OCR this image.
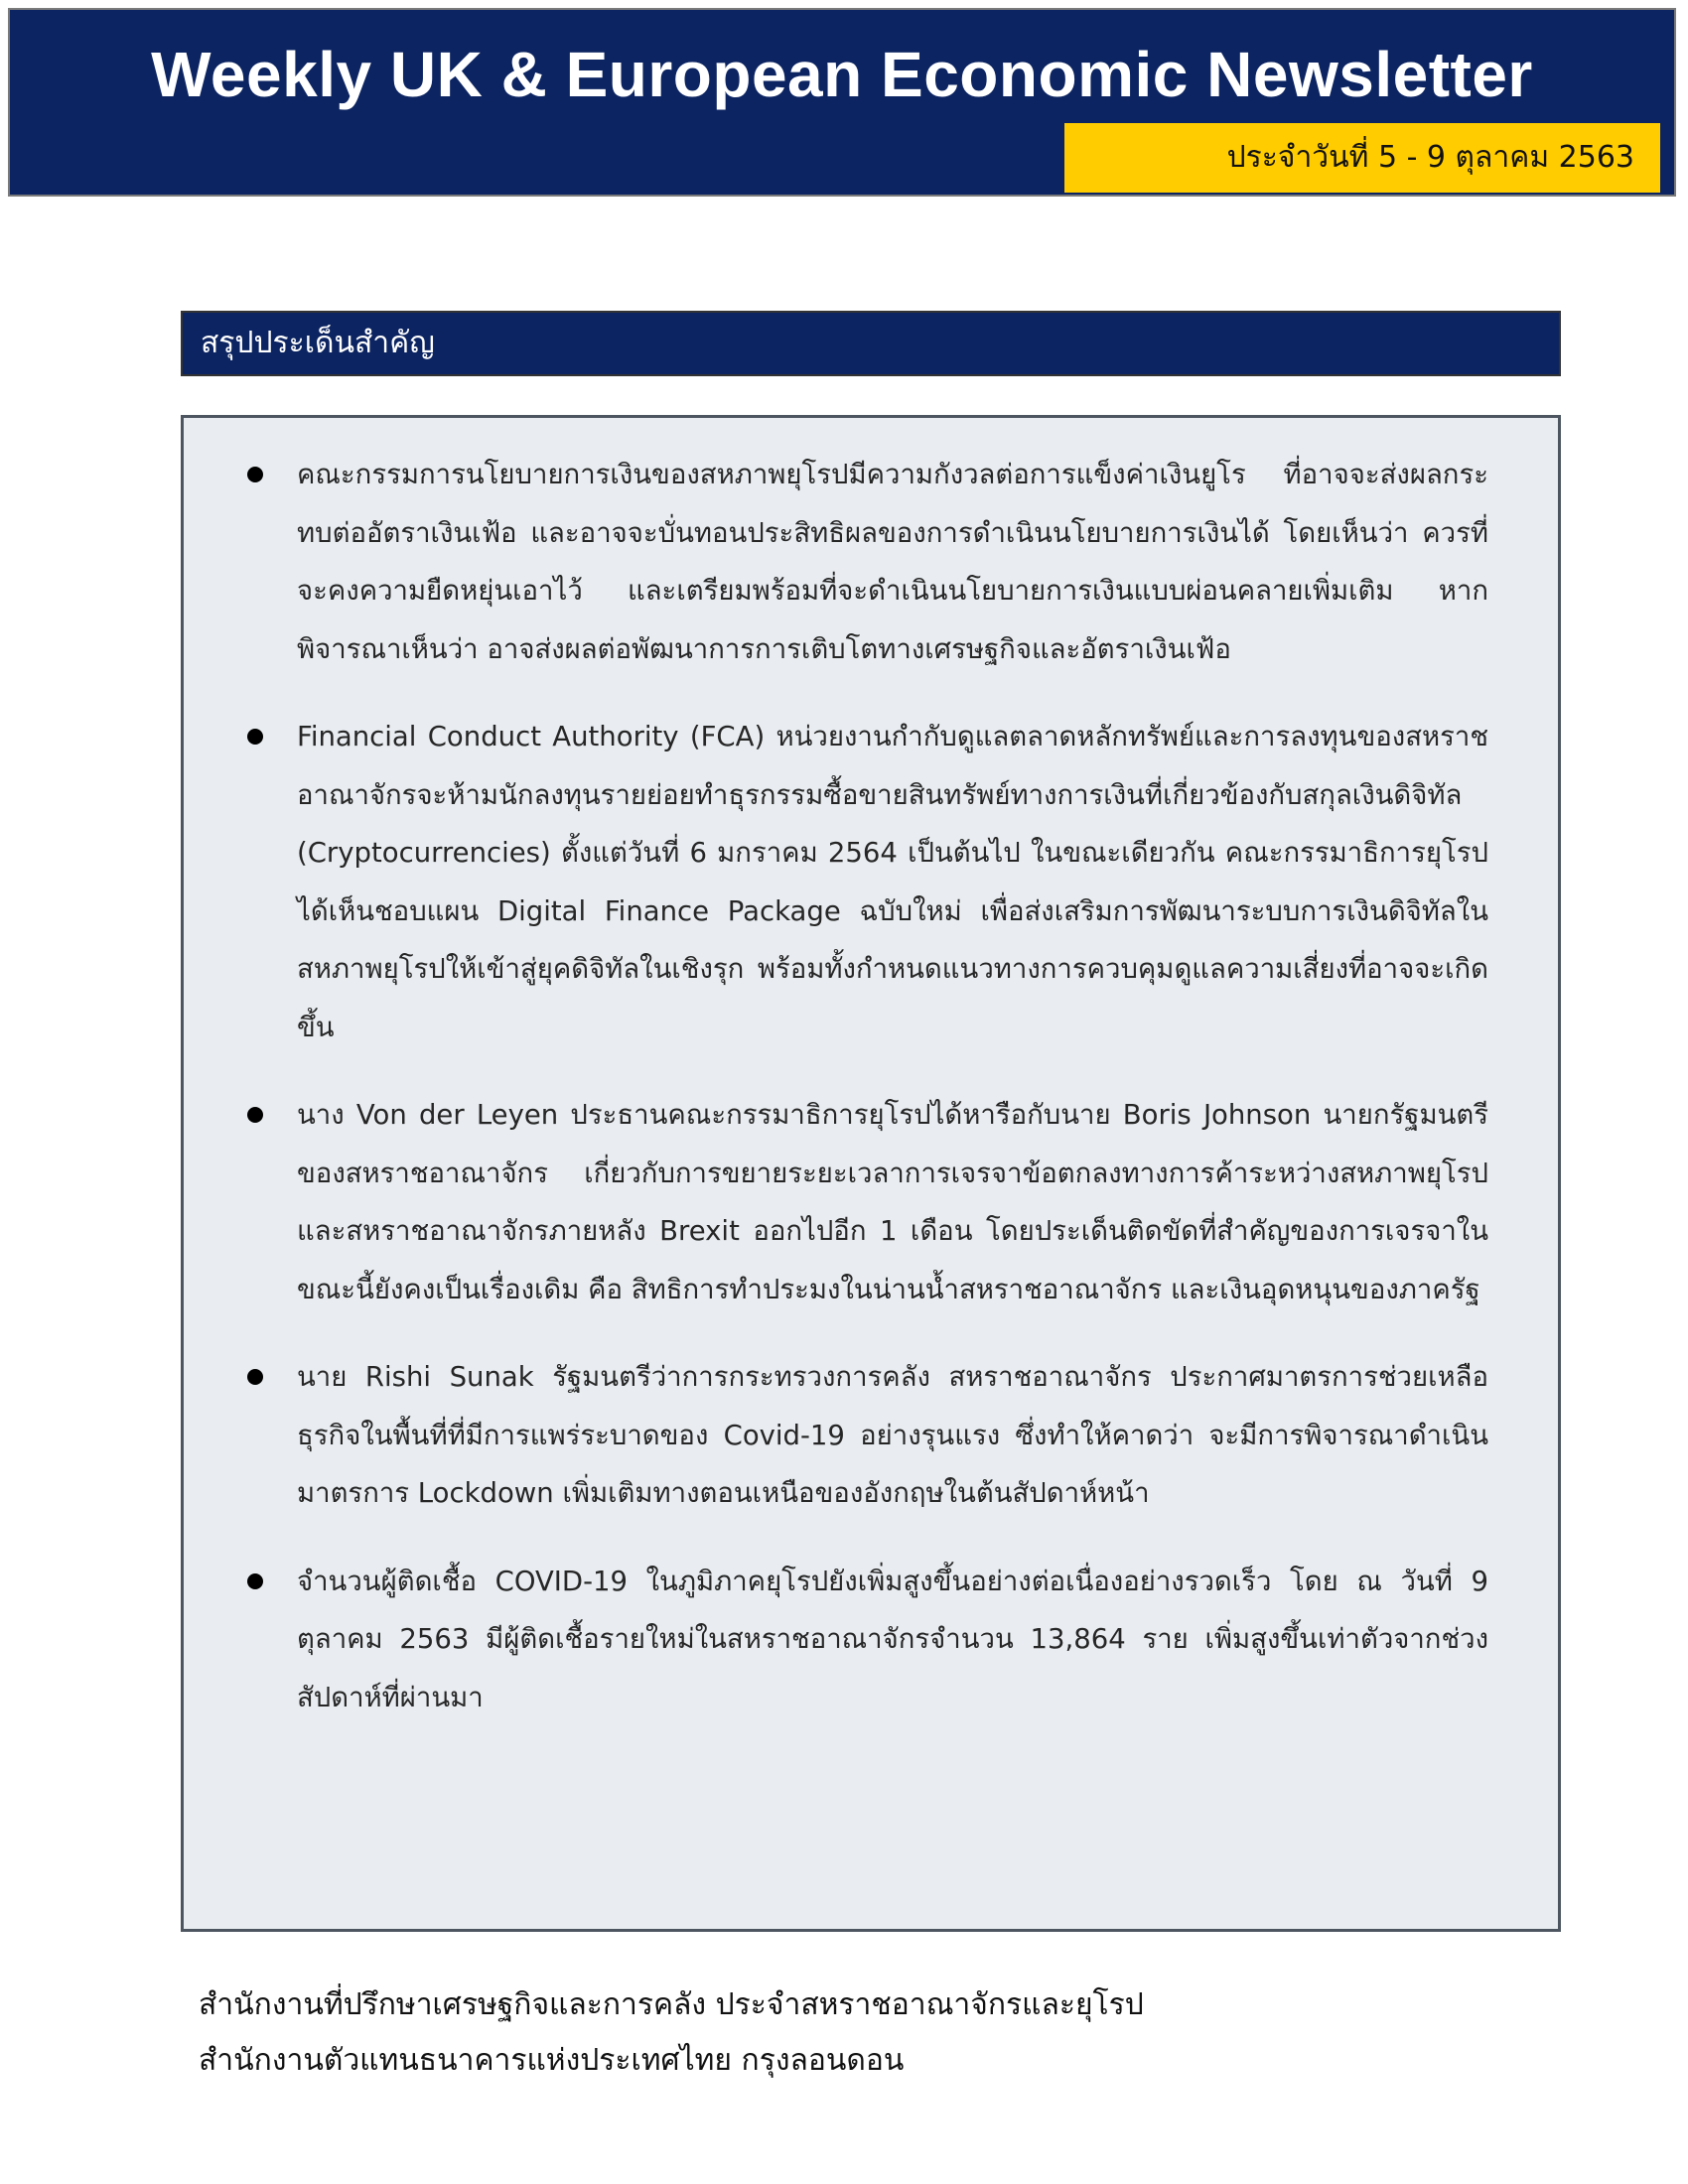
Weekly UK & European Economic Newsletter
ประจำวันที่ 5 - 9 ตุลาคม 2563
สรุปประเด็นสำคัญ
คณะกรรมการนโยบายการเงินของสหภาพยุโรปมีความกังวลต่อการแข็งค่าเงินยูโร ที่อาจจะส่งผลกระทบต่ออัตราเงินเฟ้อ และอาจจะบั่นทอนประสิทธิผลของการดำเนินนโยบายการเงินได้ โดยเห็นว่า ควรที่จะคงความยืดหยุ่นเอาไว้ และเตรียมพร้อมที่จะดำเนินนโยบายการเงินแบบผ่อนคลายเพิ่มเติม หากพิจารณาเห็นว่า อาจส่งผลต่อพัฒนาการการเติบโตทางเศรษฐกิจและอัตราเงินเฟ้อ
Financial Conduct Authority (FCA) หน่วยงานกำกับดูแลตลาดหลักทรัพย์และการลงทุนของสหราชอาณาจักรจะห้ามนักลงทุนรายย่อยทำธุรกรรมซื้อขายสินทรัพย์ทางการเงินที่เกี่ยวข้องกับสกุลเงินดิจิทัล (Cryptocurrencies) ตั้งแต่วันที่ 6 มกราคม 2564 เป็นต้นไป ในขณะเดียวกัน คณะกรรมาธิการยุโรปได้เห็นชอบแผน Digital Finance Package ฉบับใหม่ เพื่อส่งเสริมการพัฒนาระบบการเงินดิจิทัลในสหภาพยุโรปให้เข้าสู่ยุคดิจิทัลในเชิงรุก พร้อมทั้งกำหนดแนวทางการควบคุมดูแลความเสี่ยงที่อาจจะเกิดขึ้น
นาง Von der Leyen ประธานคณะกรรมาธิการยุโรปได้หารือกับนาย Boris Johnson นายกรัฐมนตรีของสหราชอาณาจักร เกี่ยวกับการขยายระยะเวลาการเจรจาข้อตกลงทางการค้าระหว่างสหภาพยุโรปและสหราชอาณาจักรภายหลัง Brexit ออกไปอีก 1 เดือน โดยประเด็นติดขัดที่สำคัญของการเจรจาในขณะนี้ยังคงเป็นเรื่องเดิม คือ สิทธิการทำประมงในน่านน้ำสหราชอาณาจักร และเงินอุดหนุนของภาครัฐ
นาย Rishi Sunak รัฐมนตรีว่าการกระทรวงการคลัง สหราชอาณาจักร ประกาศมาตรการช่วยเหลือธุรกิจในพื้นที่ที่มีการแพร่ระบาดของ Covid-19 อย่างรุนแรง ซึ่งทำให้คาดว่า จะมีการพิจารณาดำเนินมาตรการ Lockdown เพิ่มเติมทางตอนเหนือของอังกฤษในต้นสัปดาห์หน้า
จำนวนผู้ติดเชื้อ COVID-19 ในภูมิภาคยุโรปยังเพิ่มสูงขึ้นอย่างต่อเนื่องอย่างรวดเร็ว โดย ณ วันที่ 9 ตุลาคม 2563 มีผู้ติดเชื้อรายใหม่ในสหราชอาณาจักรจำนวน 13,864 ราย เพิ่มสูงขึ้นเท่าตัวจากช่วงสัปดาห์ที่ผ่านมา
สำนักงานที่ปรึกษาเศรษฐกิจและการคลัง ประจำสหราชอาณาจักรและยุโรป
สำนักงานตัวแทนธนาคารแห่งประเทศไทย กรุงลอนดอน
